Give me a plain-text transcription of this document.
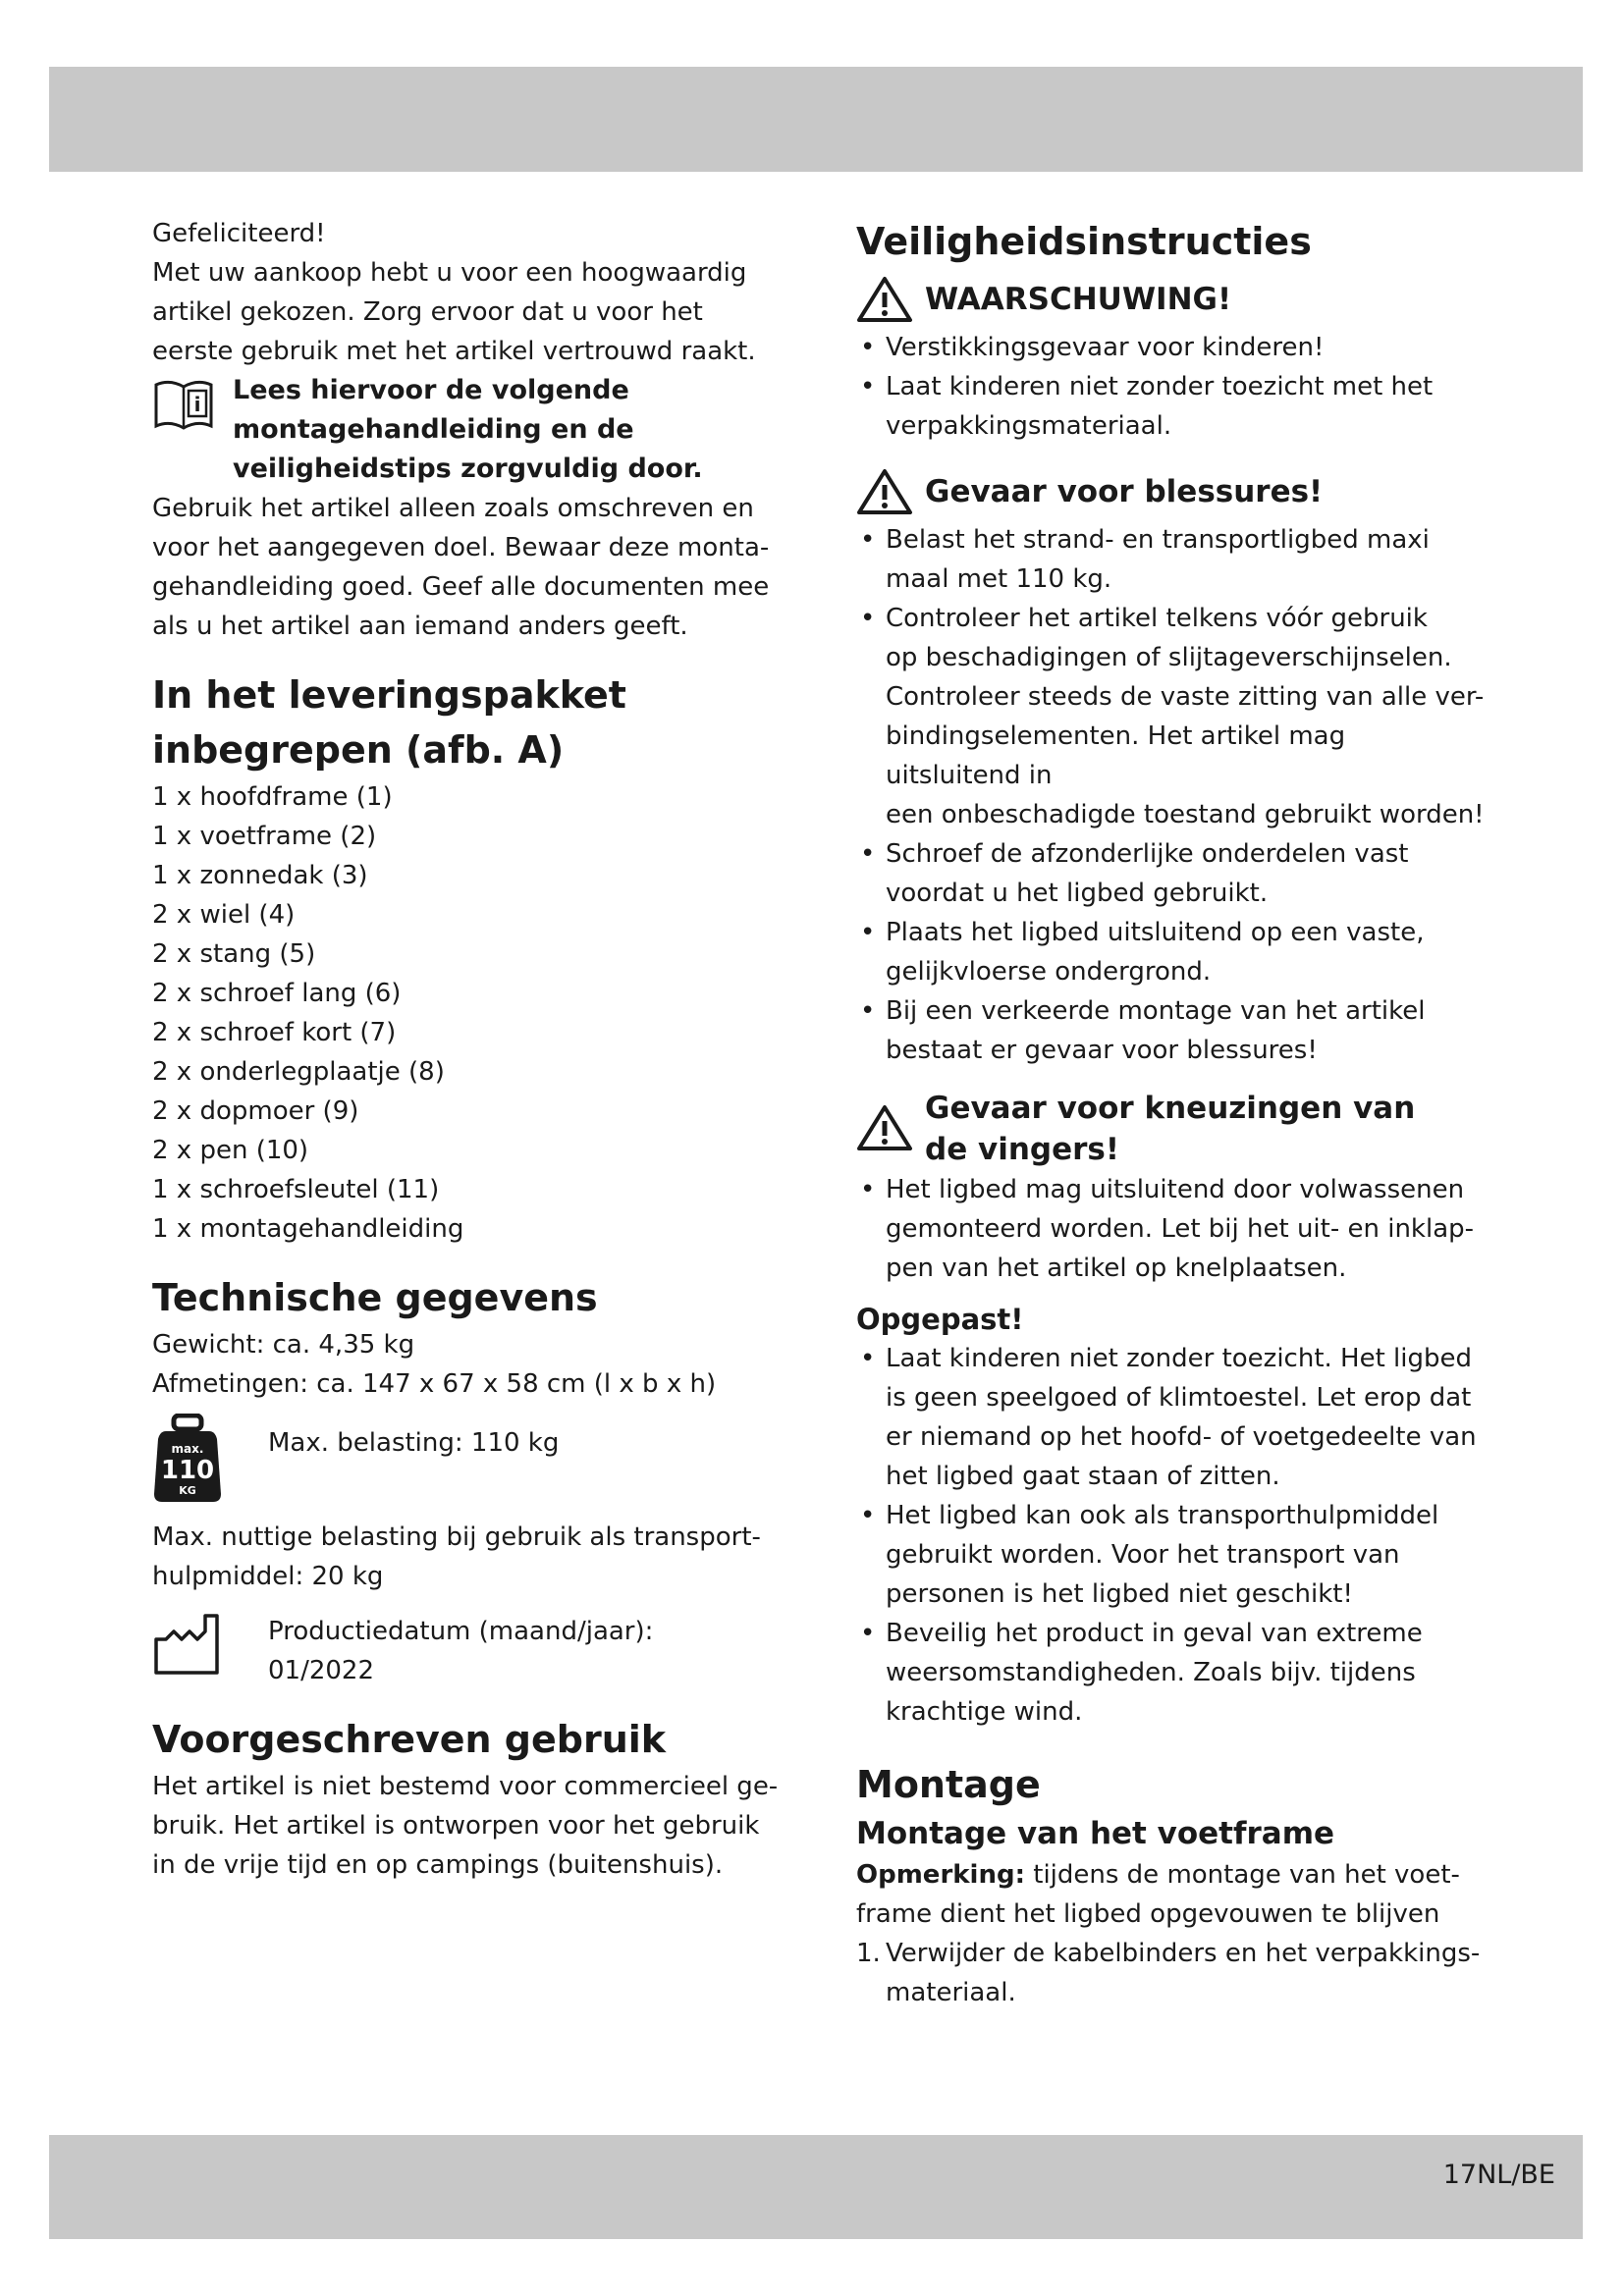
Gefeliciteerd!

Met uw aankoop hebt u voor een hoogwaardig

artikel gekozen. Zorg ervoor dat u voor het

eerste gebruik met het artikel vertrouwd raakt.

i Lees hiervoor de volgende

montagehandleiding en de

veiligheidstips zorgvuldig door.

Gebruik het artikel alleen zoals omschreven en

voor het aangegeven doel. Bewaar deze monta-

gehandleiding goed. Geef alle documenten mee

als u het artikel aan iemand anders geeft.

In het leveringspakket
inbegrepen (afb. A)
1 x hoofdframe (1)
1 x voetframe (2)
1 x zonnedak (3)
2 x wiel (4)
2 x stang (5)
2 x schroef lang (6)
2 x schroef kort (7)
2 x onderlegplaatje (8)
2 x dopmoer (9)
2 x pen (10)
1 x schroefsleutel (11)
1 x montagehandleiding
Technische gegevens

Gewicht: ca. 4,35 kg

Afmetingen: ca. 147 x 67 x 58 cm (l x b x h)

max.
110
KG

Max. belasting: 110 kg

Max. nuttige belasting bij gebruik als transport-

hulpmiddel: 20 kg

Productiedatum (maand/jaar):

01/2022

Voorgeschreven gebruik

Het artikel is niet bestemd voor commercieel ge-

bruik. Het artikel is ontworpen voor het gebruik

in de vrije tijd en op campings (buitenshuis).

Veiligheidsinstructies
WAARSCHUWING!
• Verstikkingsgevaar voor kinderen!
• Laat kinderen niet zonder toezicht met het
verpakkingsmateriaal.
Gevaar voor blessures!
• Belast het strand- en transportligbed maxi
maal met 110 kg.
• Controleer het artikel telkens vóór gebruik
op beschadigingen of slijtageverschijnselen.
Controleer steeds de vaste zitting van alle ver-
bindingselementen. Het artikel mag uitsluitend in
een onbeschadigde toestand gebruikt worden!
• Schroef de afzonderlijke onderdelen vast
voordat u het ligbed gebruikt.
• Plaats het ligbed uitsluitend op een vaste,
gelijkvloerse ondergrond.
• Bij een verkeerde montage van het artikel
bestaat er gevaar voor blessures!
Gevaar voor kneuzingen van
de vingers!
• Het ligbed mag uitsluitend door volwassenen
gemonteerd worden. Let bij het uit- en inklap-
pen van het artikel op knelplaatsen.
Opgepast!
• Laat kinderen niet zonder toezicht. Het ligbed
is geen speelgoed of klimtoestel. Let erop dat
er niemand op het hoofd- of voetgedeelte van
het ligbed gaat staan of zitten.
• Het ligbed kan ook als transporthulpmiddel
gebruikt worden. Voor het transport van
personen is het ligbed niet geschikt!
• Beveilig het product in geval van extreme
weersomstandigheden. Zoals bijv. tijdens
krachtige wind.
Montage
Montage van het voetframe

Opmerking: tijdens de montage van het voet-

frame dient het ligbed opgevouwen te blijven

1. Verwijder de kabelbinders en het verpakkings-
materiaal.
17NL/BE
